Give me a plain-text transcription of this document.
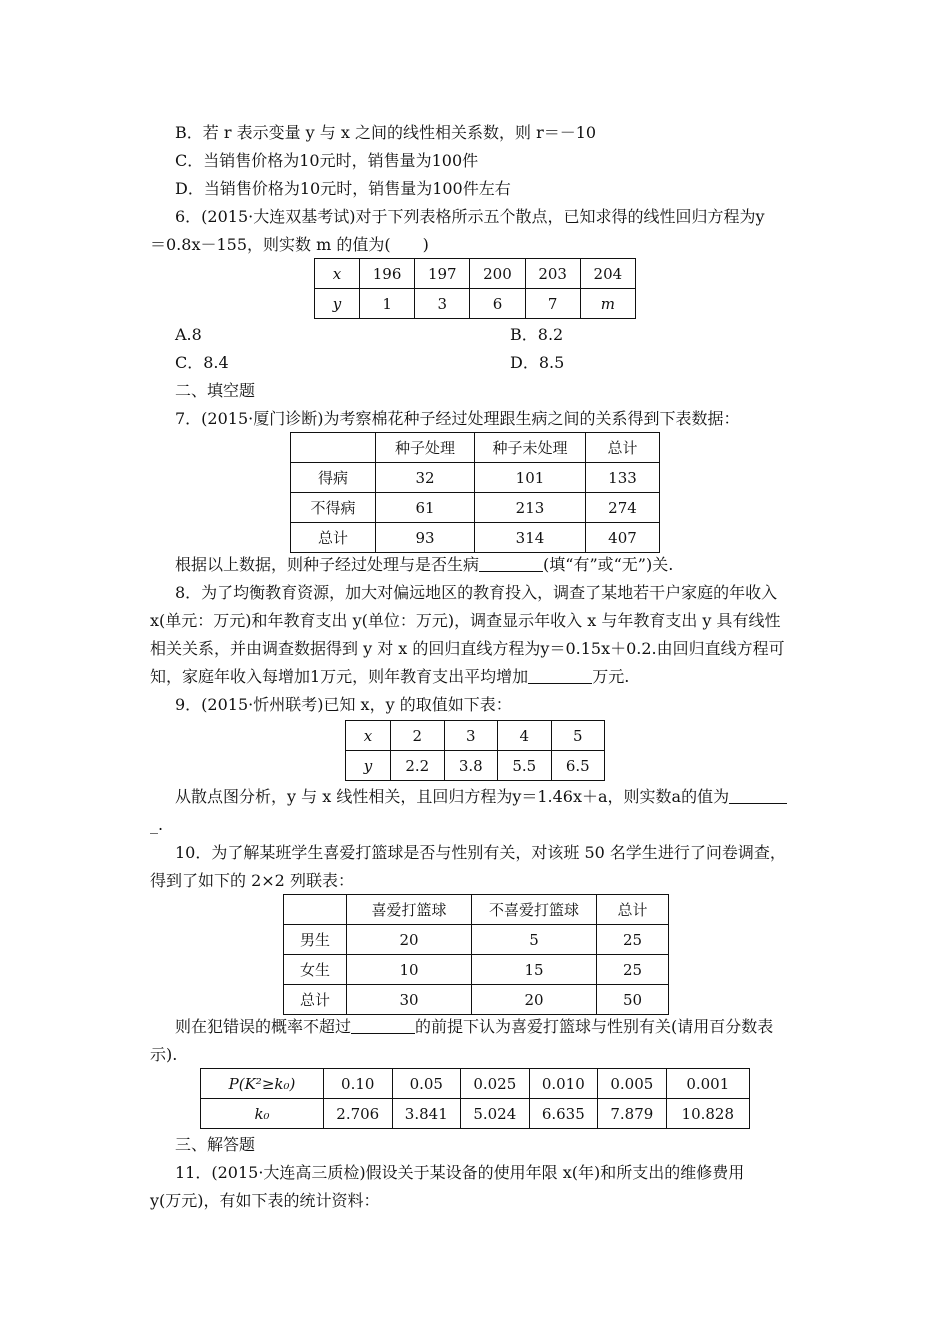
B．若 r 表示变量 y 与 x 之间的线性相关系数，则 r＝－10
C．当销售价格为10元时，销售量为100件
D．当销售价格为10元时，销售量为100件左右
6．(2015·大连双基考试)对于下列表格所示五个散点，已知求得的线性回归方程为y
＝0.8x－155，则实数 m 的值为(　　)
x	196	197	200	203	204
y	1	3	6	7	m
A.8	B．8.2
C．8.4	D．8.5
二、填空题
7．(2015·厦门诊断)为考察棉花种子经过处理跟生病之间的关系得到下表数据：
	种子处理	种子未处理	总计
得病	32	101	133
不得病	61	213	274
总计	93	314	407
根据以上数据，则种子经过处理与是否生病	(填“有”或“无”)关.
8．为了均衡教育资源，加大对偏远地区的教育投入，调查了某地若干户家庭的年收入
x(单元：万元)和年教育支出 y(单位：万元)，调查显示年收入 x 与年教育支出 y 具有线性
相关关系，并由调查数据得到 y 对 x 的回归直线方程为y＝0.15x＋0.2.由回归直线方程可
知，家庭年收入每增加1万元，则年教育支出平均增加	万元.
9．(2015·忻州联考)已知 x，y 的取值如下表：
x	2	3	4	5
y	2.2	3.8	5.5	6.5
从散点图分析，y 与 x 线性相关，且回归方程为y＝1.46x＋a，则实数a的值为
_.
10．为了解某班学生喜爱打篮球是否与性别有关，对该班 50 名学生进行了问卷调查，
得到了如下的 2×2 列联表：
	喜爱打篮球	不喜爱打篮球	总计
男生	20	5	25
女生	10	15	25
总计	30	20	50
则在犯错误的概率不超过	的前提下认为喜爱打篮球与性别有关(请用百分数表
示).
P(K²≥k₀)	0.10	0.05	0.025	0.010	0.005	0.001
k₀	2.706	3.841	5.024	6.635	7.879	10.828
三、解答题
11．(2015·大连高三质检)假设关于某设备的使用年限 x(年)和所支出的维修费用
y(万元)，有如下表的统计资料：
